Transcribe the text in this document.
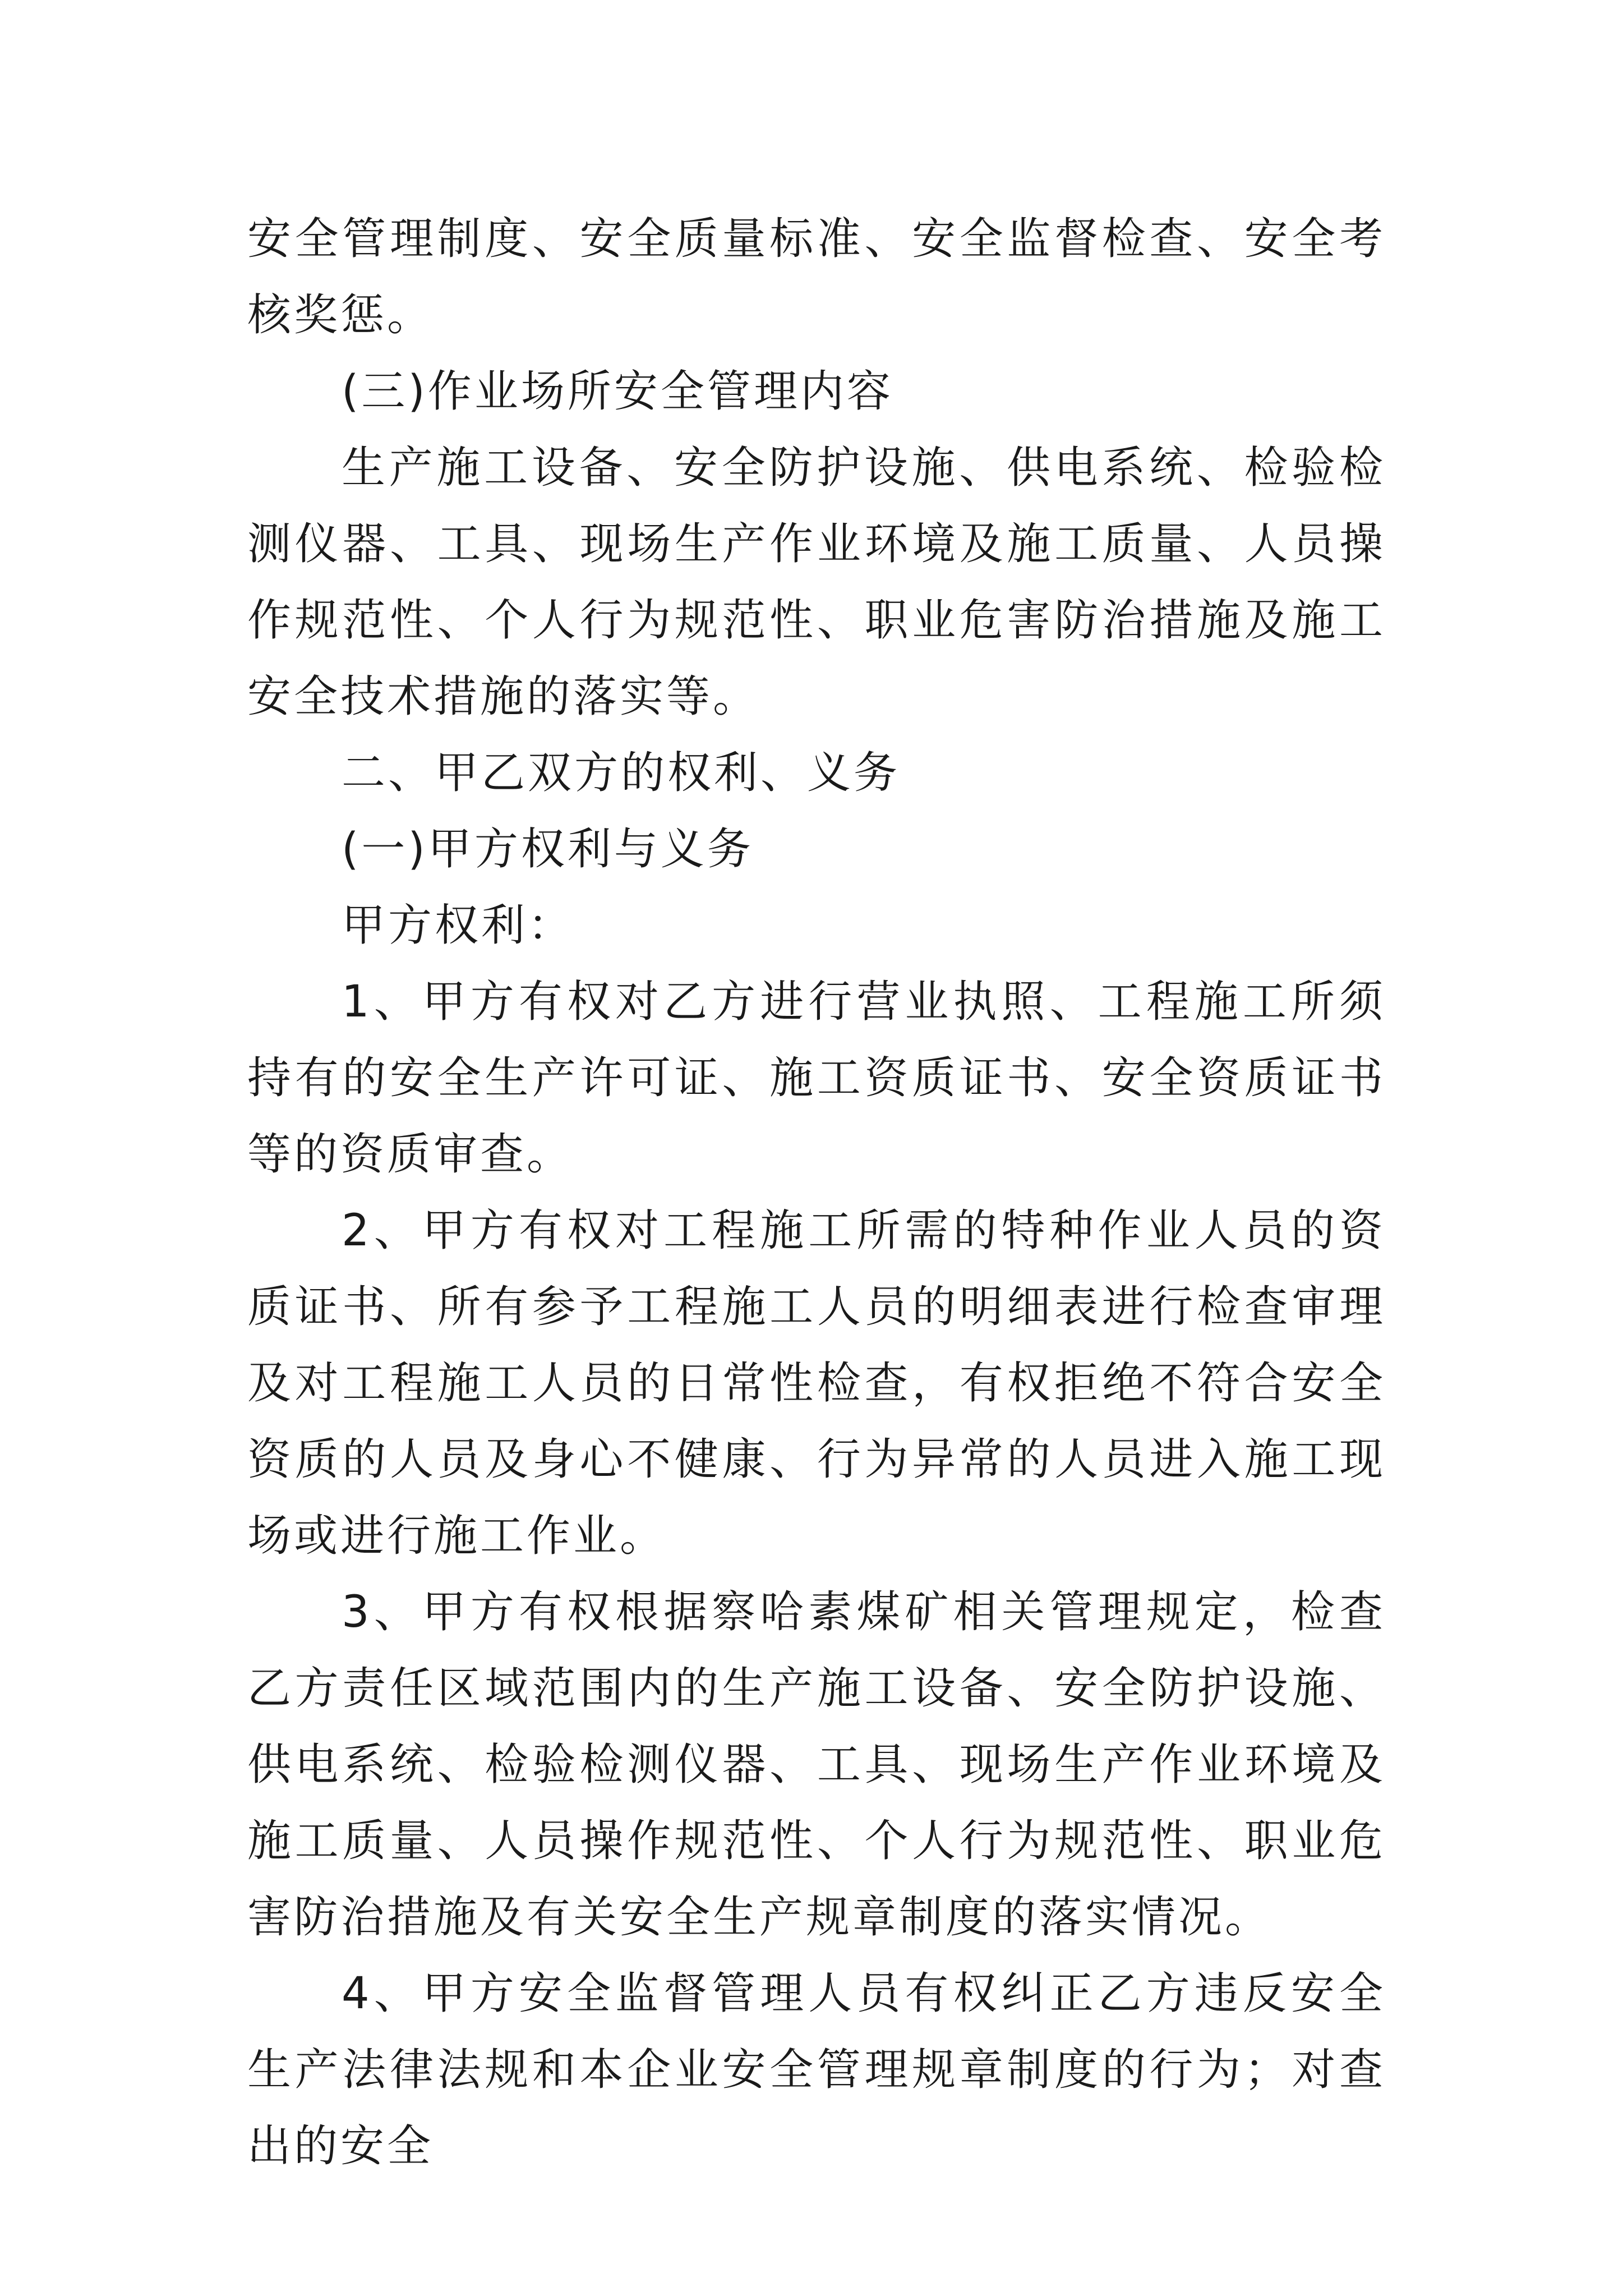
安全管理制度、安全质量标准、安全监督检查、安全考核奖惩。

(三)作业场所安全管理内容

生产施工设备、安全防护设施、供电系统、检验检测仪器、工具、现场生产作业环境及施工质量、人员操作规范性、个人行为规范性、职业危害防治措施及施工安全技术措施的落实等。

二、甲乙双方的权利、义务

(一)甲方权利与义务

甲方权利：

1、甲方有权对乙方进行营业执照、工程施工所须持有的安全生产许可证、施工资质证书、安全资质证书等的资质审查。

2、甲方有权对工程施工所需的特种作业人员的资质证书、所有参予工程施工人员的明细表进行检查审理及对工程施工人员的日常性检查，有权拒绝不符合安全资质的人员及身心不健康、行为异常的人员进入施工现场或进行施工作业。

3、甲方有权根据察哈素煤矿相关管理规定，检查乙方责任区域范围内的生产施工设备、安全防护设施、供电系统、检验检测仪器、工具、现场生产作业环境及施工质量、人员操作规范性、个人行为规范性、职业危害防治措施及有关安全生产规章制度的落实情况。

4、甲方安全监督管理人员有权纠正乙方违反安全生产法律法规和本企业安全管理规章制度的行为；对查出的安全
